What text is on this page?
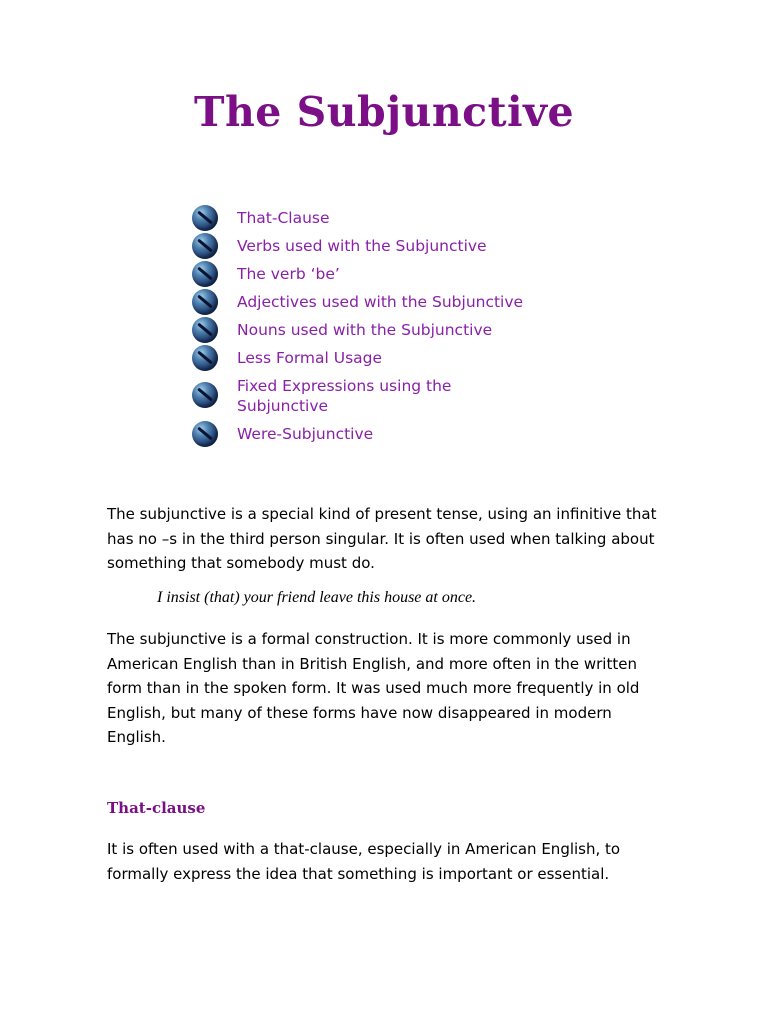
The Subjunctive
That-Clause
Verbs used with the Subjunctive
The verb ‘be’
Adjectives used with the Subjunctive
Nouns used with the Subjunctive
Less Formal Usage
Fixed Expressions using the Subjunctive
Were-Subjunctive

The subjunctive is a special kind of present tense, using an infinitive that has no –s in the third person singular. It is often used when talking about something that somebody must do.

I insist (that) your friend leave this house at once.

The subjunctive is a formal construction. It is more commonly used in American English than in British English, and more often in the written form than in the spoken form. It was used much more frequently in old English, but many of these forms have now disappeared in modern English.

That-clause

It is often used with a that-clause, especially in American English, to formally express the idea that something is important or essential.
